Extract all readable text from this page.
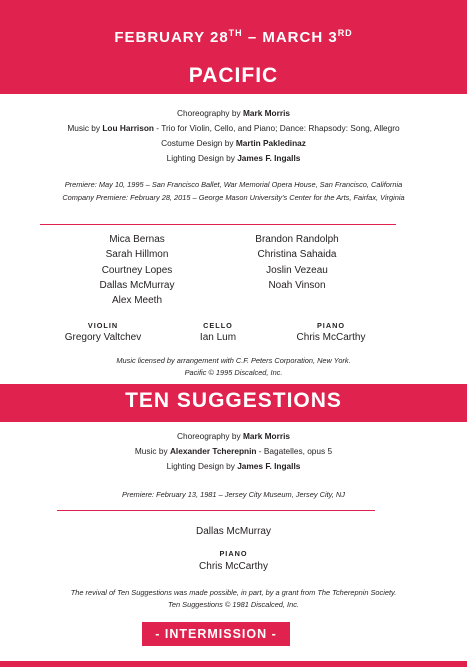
FEBRUARY 28TH – MARCH 3RD
PACIFIC
Choreography by Mark Morris
Music by Lou Harrison - Trio for Violin, Cello, and Piano; Dance: Rhapsody: Song, Allegro
Costume Design by Martin Pakledinaz
Lighting Design by James F. Ingalls
Premiere: May 10, 1995 – San Francisco Ballet, War Memorial Opera House, San Francisco, California
Company Premiere: February 28, 2015 – George Mason University's Center for the Arts, Fairfax, Virginia
Mica Bernas
Sarah Hillmon
Courtney Lopes
Dallas McMurray
Alex Meeth
Brandon Randolph
Christina Sahaida
Joslin Vezeau
Noah Vinson
VIOLIN
Gregory Valtchev
CELLO
Ian Lum
PIANO
Chris McCarthy
Music licensed by arrangement with C.F. Peters Corporation, New York.
Pacific © 1995 Discalced, Inc.
TEN SUGGESTIONS
Choreography by Mark Morris
Music by Alexander Tcherepnin - Bagatelles, opus 5
Lighting Design by James F. Ingalls
Premiere: February 13, 1981 – Jersey City Museum, Jersey City, NJ
Dallas McMurray
PIANO
Chris McCarthy
The revival of Ten Suggestions was made possible, in part, by a grant from The Tcherepnin Society.
Ten Suggestions © 1981 Discalced, Inc.
- INTERMISSION -
